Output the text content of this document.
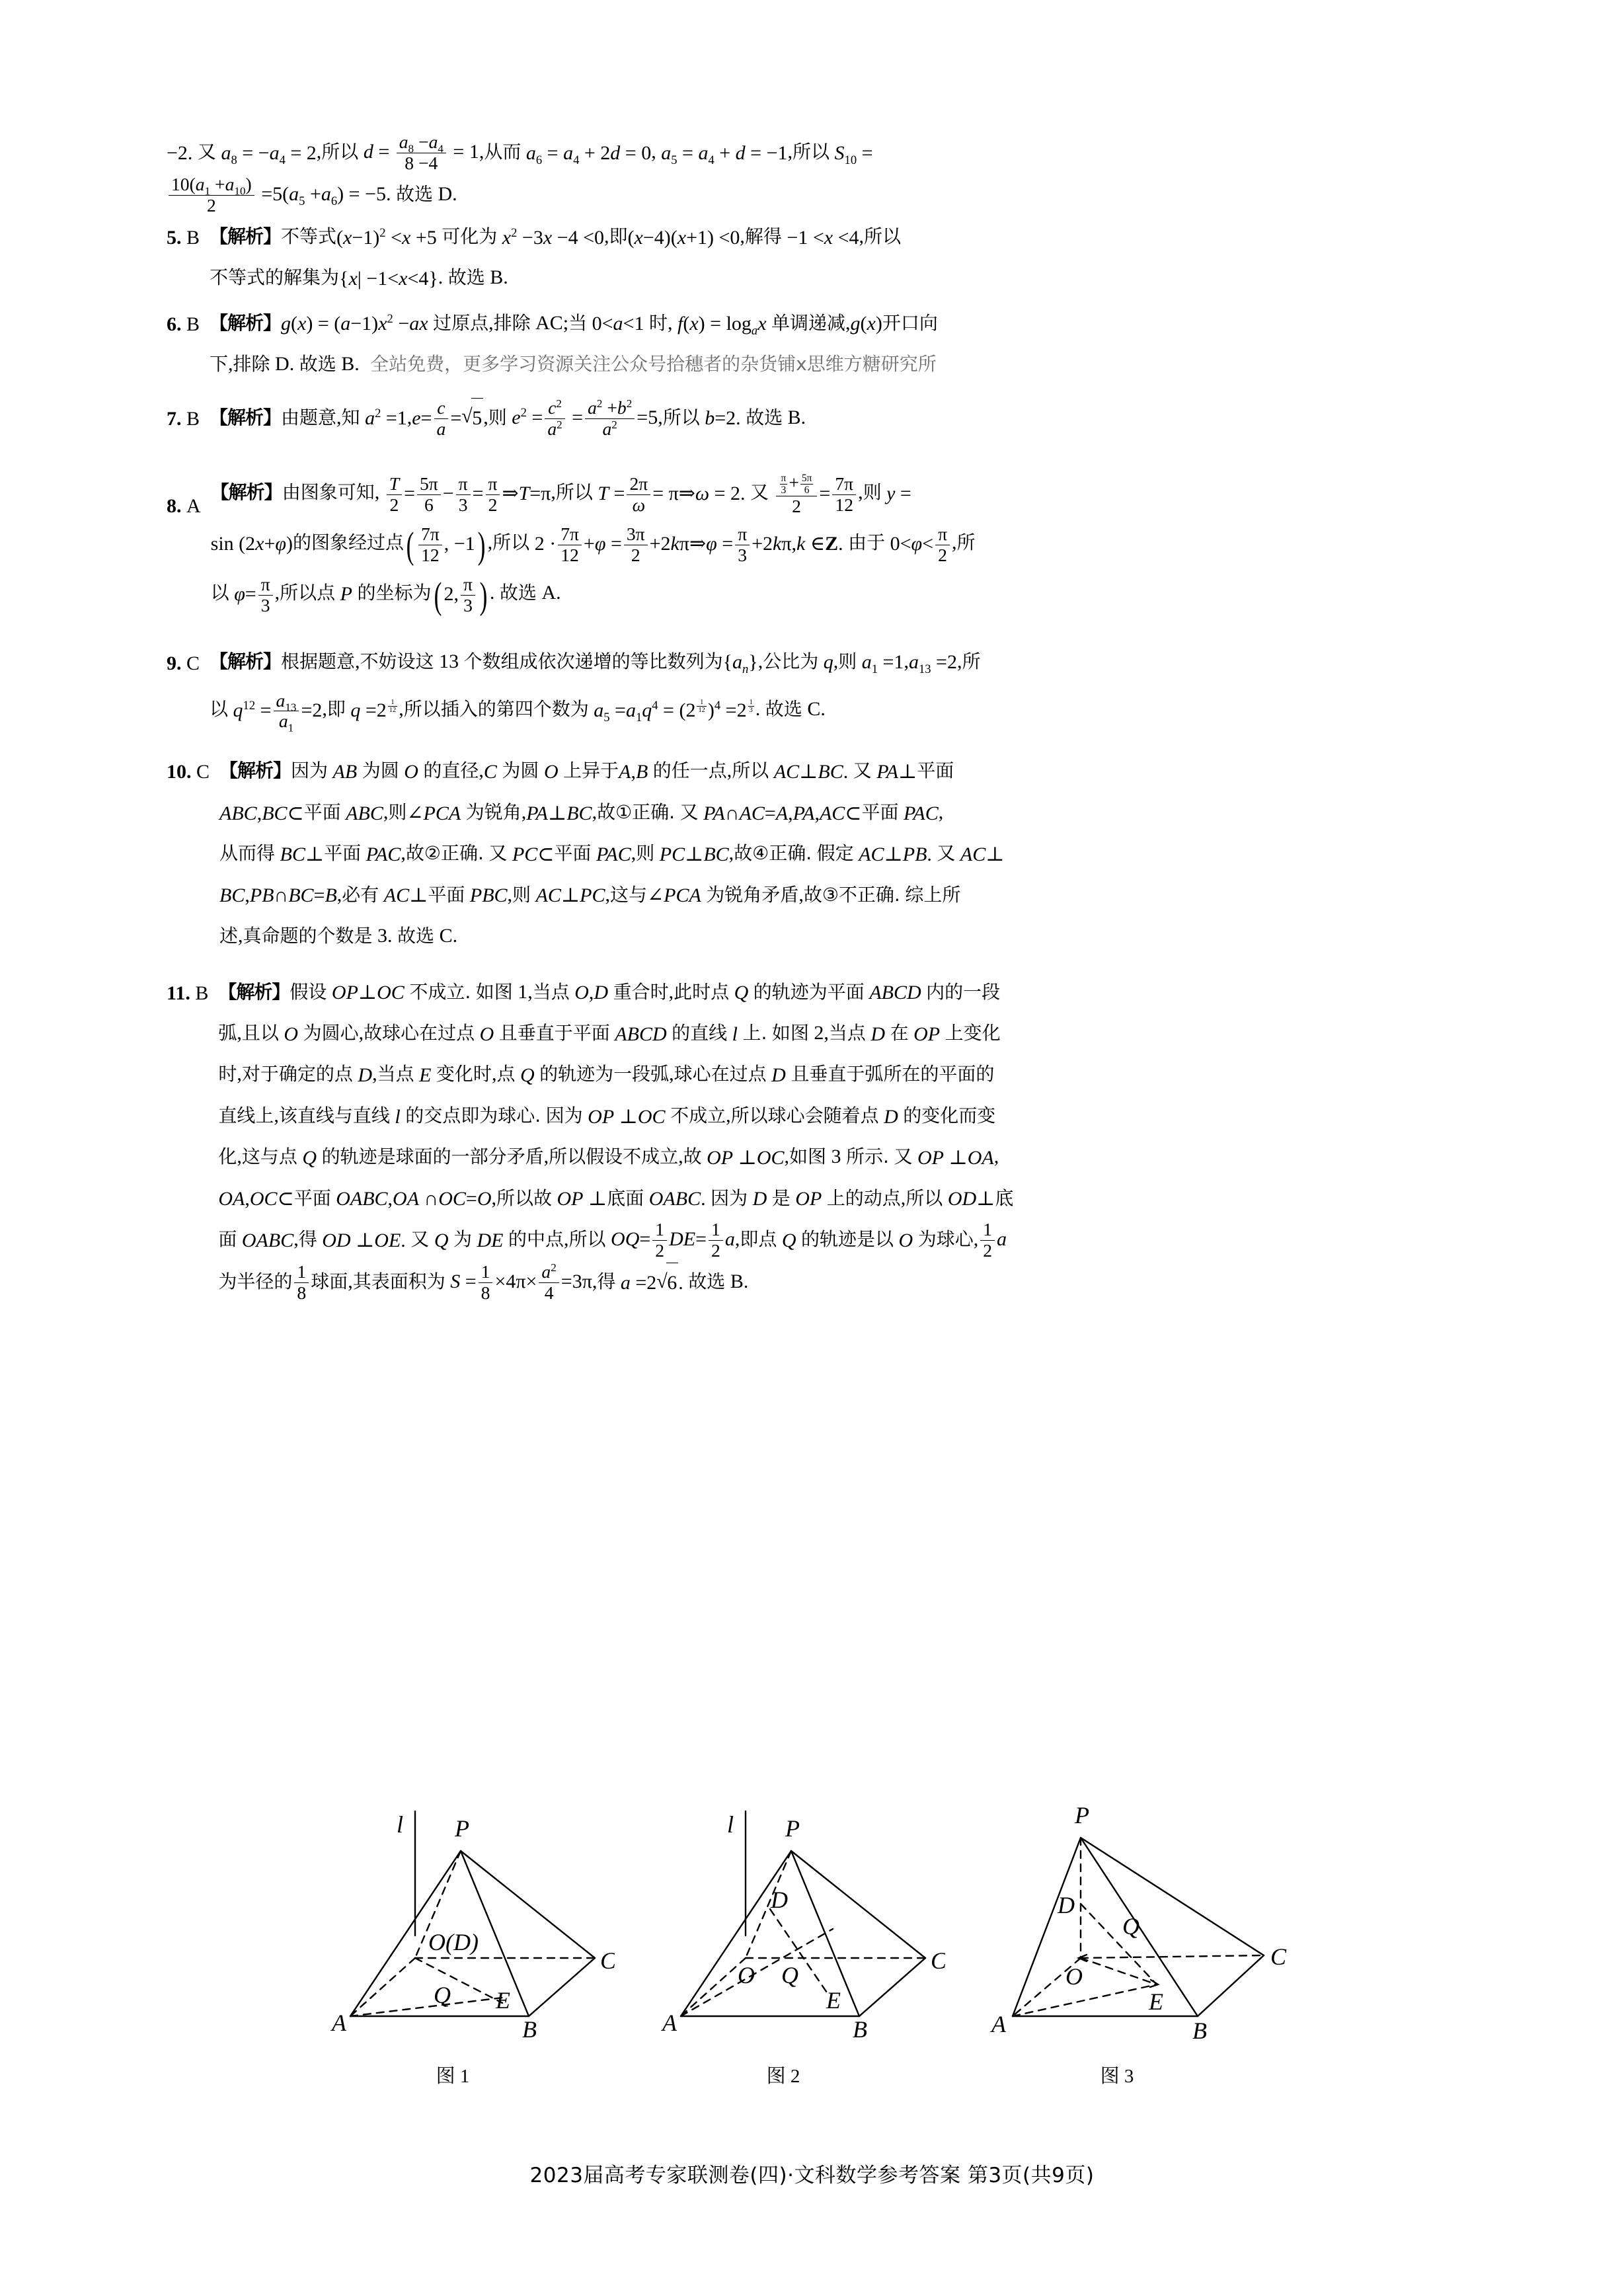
−2. 又 $a_8 = -a_4 = 2$,所以 $d = \frac{a_8 -a_4}{8 -4} = 1$,从而 $a_6 = a_4 + 2d = 0$, $a_5 = a_4 + d = -1$,所以 $S_{10}$ =

$\frac{10(a_1 +a_{10})}{2} =5(a_5 +a_6) = -5$. 故选 D.
5. B 【解析】不等式$(x-1)^2 <x +5$ 可化为 $x^2 -3x -4 <0$,即(x−4)(x+1) <0,解得 −1 <x <4,所以
不等式的解集为{x| −1<x<4}. 故选 B.
6. B 【解析】$g(x) = (a-1)x^2 -ax$ 过原点,排除 AC;当 0<a<1 时, $f(x) = \log_ax$ 单调递减,g(x)开口向
下,排除 D. 故选 B.  全站免费，更多学习资源关注公众号拾穗者的杂货铺x思维方糖研究所
7. B 【解析】由题意,知 $a^2 =1,e= \frac{c}{a}$ = √ 5,则 $e^2 = \frac{c^2}{a^2} = \frac{a^2 +b^2}{a^2} =5$,所以 b=2. 故选 B.
8. A
【解析】由图象可知, $\frac{T}{2} = \frac{5\pi}{6} - \frac{\pi}{3} = \frac{\pi}{2}$ ⇒T=π,所以 $T = \frac{2\pi}{\omega}$ = π⇒ω = 2. 又 $\frac{\frac{\pi}{3} + \frac{5\pi}{6}}{2} = \frac{7\pi}{12}$ ,则 y =
sin (2x+φ)的图象经过点( $\frac{7\pi}{12}$ , −1) ,所以 $2 \cdot \frac{7\pi}{12} +\varphi = \frac{3\pi}{2}$ +2kπ⇒φ = $\frac{\pi}{3} +2k\pi,k$ ∈Z. 由于 $0<\varphi< \frac{\pi}{2}$ ,所
以 $\varphi= \frac{\pi}{3}$ ,所以点 P 的坐标为( 2, $\frac{\pi}{3}$ ) . 故选 A.
9. C 【解析】根据题意,不妨设这 13 个数组成依次递增的等比数列为$\{a_n\}$,公比为 q,则 $a_1 =1,a_{13} =2$,所
以 $q^{12} = \frac{a_{13}}{a_1} =2$,即 q =2 $^{\frac{1}{12}}$ ,所以插入的第四个数为 $a_5 =a_1q^4 = (2$ $^{\frac{1}{12}}$ )$^4$ =2 $^{\frac{1}{3}}$ . 故选 C.
10. C 【解析】因为 AB 为圆 O 的直径,C 为圆 O 上异于A,B 的任一点,所以 AC⊥BC. 又 PA⊥平面
ABC,BC⊂平面 ABC,则∠PCA 为锐角,PA⊥BC,故①正确. 又 PA∩AC=A,PA,AC⊂平面 PAC,
从而得 BC⊥平面 PAC,故②正确. 又 PC⊂平面 PAC,则 PC⊥BC,故④正确. 假定 AC⊥PB. 又 AC⊥
BC,PB∩BC=B,必有 AC⊥平面 PBC,则 AC⊥PC,这与∠PCA 为锐角矛盾,故③不正确. 综上所
述,真命题的个数是 3. 故选 C.
11. B 【解析】假设 OP⊥OC 不成立. 如图 1,当点 O,D 重合时,此时点 Q 的轨迹为平面 ABCD 内的一段
弧,且以 O 为圆心,故球心在过点 O 且垂直于平面 ABCD 的直线 l 上. 如图 2,当点 D 在 OP 上变化
时,对于确定的点 D,当点 E 变化时,点 Q 的轨迹为一段弧,球心在过点 D 且垂直于弧所在的平面的
直线上,该直线与直线 l 的交点即为球心. 因为 OP ⊥OC 不成立,所以球心会随着点 D 的变化而变
化,这与点 Q 的轨迹是球面的一部分矛盾,所以假设不成立,故 OP ⊥OC,如图 3 所示. 又 OP ⊥OA,
OA,OC⊂平面 OABC,OA ∩OC=O,所以故 OP ⊥底面 OABC. 因为 D 是 OP 上的动点,所以 OD⊥底
面 OABC,得 OD ⊥OE. 又 Q 为 DE 的中点,所以 $OQ= \frac{1}{2} DE= \frac{1}{2} a$,即点 Q 的轨迹是以 O 为球心, $\frac{1}{2}$ a
为半径的 $\frac{1}{8}$ 球面,其表面积为 $S = \frac{1}{8} \times 4\pi\times \frac{a^2}{4} =3\pi$,得 a =2 √ 6. 故选 B.
l P
O(D)
C
Q E
A	B
图 1
l P
D
O Q
C
E
A	B
图 2
P
D
Q
O
C
E
A	B
图 3
2023届高考专家联测卷(四)·文科数学参考答案 第3页(共9页)
